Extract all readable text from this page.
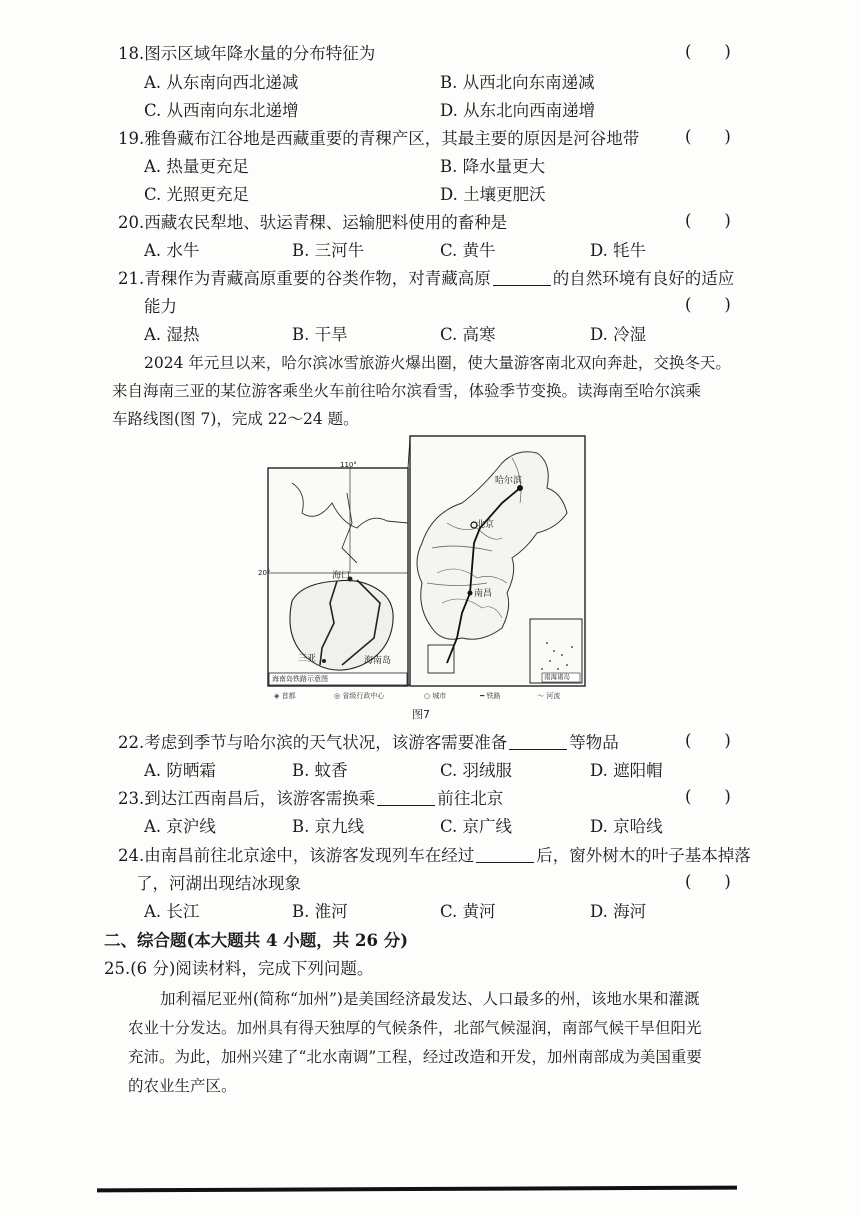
18.图示区域年降水量的分布特征为	(　　)
A. 从东南向西北递减	B. 从西北向东南递减
C. 从西南向东北递增	D. 从东北向西南递增
19.雅鲁藏布江谷地是西藏重要的青稞产区，其最主要的原因是河谷地带	(　　)
A. 热量更充足	B. 降水量更大
C. 光照更充足	D. 土壤更肥沃
20.西藏农民犁地、驮运青稞、运输肥料使用的畜种是	(　　)
A. 水牛	B. 三河牛	C. 黄牛	D. 牦牛
21.青稞作为青藏高原重要的谷类作物，对青藏高原	的自然环境有良好的适应
能力	(　　)
A. 湿热	B. 干旱	C. 高寒	D. 冷湿
2024 年元旦以来，哈尔滨冰雪旅游火爆出圈，使大量游客南北双向奔赴，交换冬天。
来自海南三亚的某位游客乘坐火车前往哈尔滨看雪，体验季节变换。读海南至哈尔滨乘
车路线图(图 7)，完成 22～24 题。
哈尔滨
北京
南昌
海口
三亚	海南岛
110°
20°
海南岛铁路示意图	南海诸岛
◈ 首都	◎ 省级行政中心	○ 城市	━ 铁路	〜 河流
图7
22.考虑到季节与哈尔滨的天气状况，该游客需要准备	等物品	(　　)
A. 防晒霜	B. 蚊香	C. 羽绒服	D. 遮阳帽
23.到达江西南昌后，该游客需换乘	前往北京	(　　)
A. 京沪线	B. 京九线	C. 京广线	D. 京哈线
24.由南昌前往北京途中，该游客发现列车在经过	后，窗外树木的叶子基本掉落
了，河湖出现结冰现象	(　　)
A. 长江	B. 淮河	C. 黄河	D. 海河
二、综合题(本大题共 4 小题，共 26 分)
25.(6 分)阅读材料，完成下列问题。
加利福尼亚州(简称“加州”)是美国经济最发达、人口最多的州，该地水果和灌溉
农业十分发达。加州具有得天独厚的气候条件，北部气候湿润，南部气候干旱但阳光
充沛。为此，加州兴建了“北水南调”工程，经过改造和开发，加州南部成为美国重要
的农业生产区。
